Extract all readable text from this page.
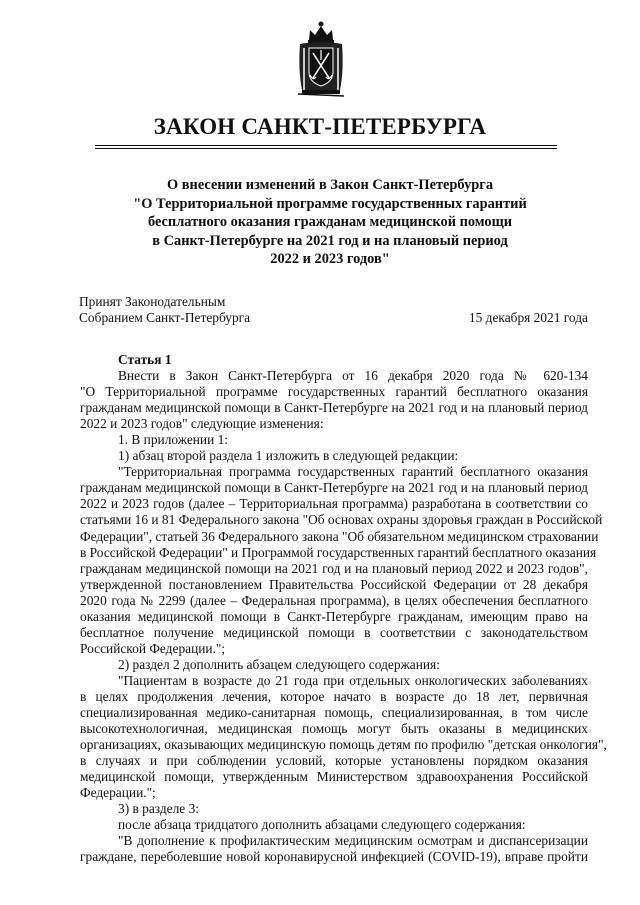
ЗАКОН САНКТ-ПЕТЕРБУРГА
О внесении изменений в Закон Санкт-Петербурга
"О Территориальной программе государственных гарантий
бесплатного оказания гражданам медицинской помощи
в Санкт-Петербурге на 2021 год и на плановый период
2022 и 2023 годов"
Принят Законодательным
Собранием Санкт-Петербурга	15 декабря 2021 года
Статья 1
Внести в Закон Санкт-Петербурга от 16 декабря 2020 года № 620-134
"О Территориальной программе государственных гарантий бесплатного оказания
гражданам медицинской помощи в Санкт-Петербурге на 2021 год и на плановый период
2022 и 2023 годов" следующие изменения:
1. В приложении 1:
1) абзац второй раздела 1 изложить в следующей редакции:
"Территориальная программа государственных гарантий бесплатного оказания
гражданам медицинской помощи в Санкт-Петербурге на 2021 год и на плановый период
2022 и 2023 годов (далее – Территориальная программа) разработана в соответствии со
статьями 16 и 81 Федерального закона "Об основах охраны здоровья граждан в Российской
Федерации", статьей 36 Федерального закона "Об обязательном медицинском страховании
в Российской Федерации" и Программой государственных гарантий бесплатного оказания
гражданам медицинской помощи на 2021 год и на плановый период 2022 и 2023 годов",
утвержденной постановлением Правительства Российской Федерации от 28 декабря
2020 года № 2299 (далее – Федеральная программа), в целях обеспечения бесплатного
оказания медицинской помощи в Санкт-Петербурге гражданам, имеющим право на
бесплатное получение медицинской помощи в соответствии с законодательством
Российской Федерации.";
2) раздел 2 дополнить абзацем следующего содержания:
"Пациентам в возрасте до 21 года при отдельных онкологических заболеваниях
в целях продолжения лечения, которое начато в возрасте до 18 лет, первичная
специализированная медико-санитарная помощь, специализированная, в том числе
высокотехнологичная, медицинская помощь могут быть оказаны в медицинских
организациях, оказывающих медицинскую помощь детям по профилю "детская онкология",
в случаях и при соблюдении условий, которые установлены порядком оказания
медицинской помощи, утвержденным Министерством здравоохранения Российской
Федерации.";
3) в разделе 3:
после абзаца тридцатого дополнить абзацами следующего содержания:
"В дополнение к профилактическим медицинским осмотрам и диспансеризации
граждане, переболевшие новой коронавирусной инфекцией (COVID-19), вправе пройти
